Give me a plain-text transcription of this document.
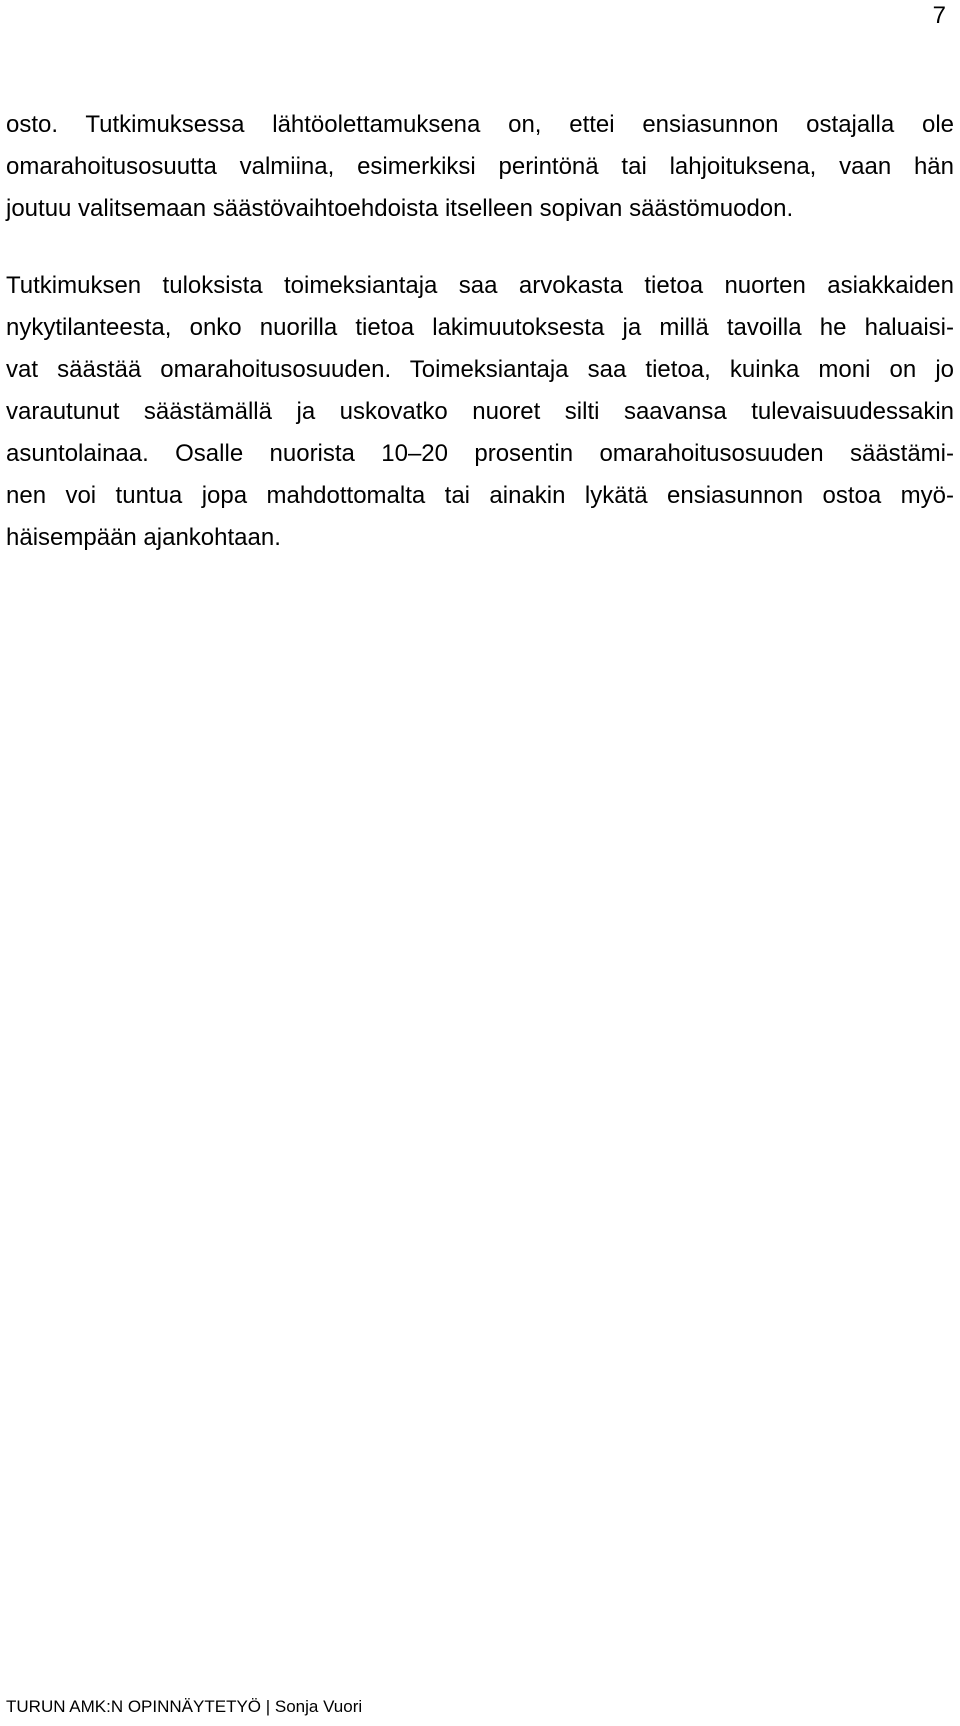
7
osto. Tutkimuksessa lähtöolettamuksena on, ettei ensiasunnon ostajalla ole
omarahoitusosuutta valmiina, esimerkiksi perintönä tai lahjoituksena, vaan hän
joutuu valitsemaan säästövaihtoehdoista itselleen sopivan säästömuodon.
Tutkimuksen tuloksista toimeksiantaja saa arvokasta tietoa nuorten asiakkaiden
nykytilanteesta, onko nuorilla tietoa lakimuutoksesta ja millä tavoilla he haluaisi-
vat säästää omarahoitusosuuden. Toimeksiantaja saa tietoa, kuinka moni on jo
varautunut säästämällä ja uskovatko nuoret silti saavansa tulevaisuudessakin
asuntolainaa. Osalle nuorista 10–20 prosentin omarahoitusosuuden säästämi-
nen voi tuntua jopa mahdottomalta tai ainakin lykätä ensiasunnon ostoa myö-
häisempään ajankohtaan.
TURUN AMK:N OPINNÄYTETYÖ | Sonja Vuori
